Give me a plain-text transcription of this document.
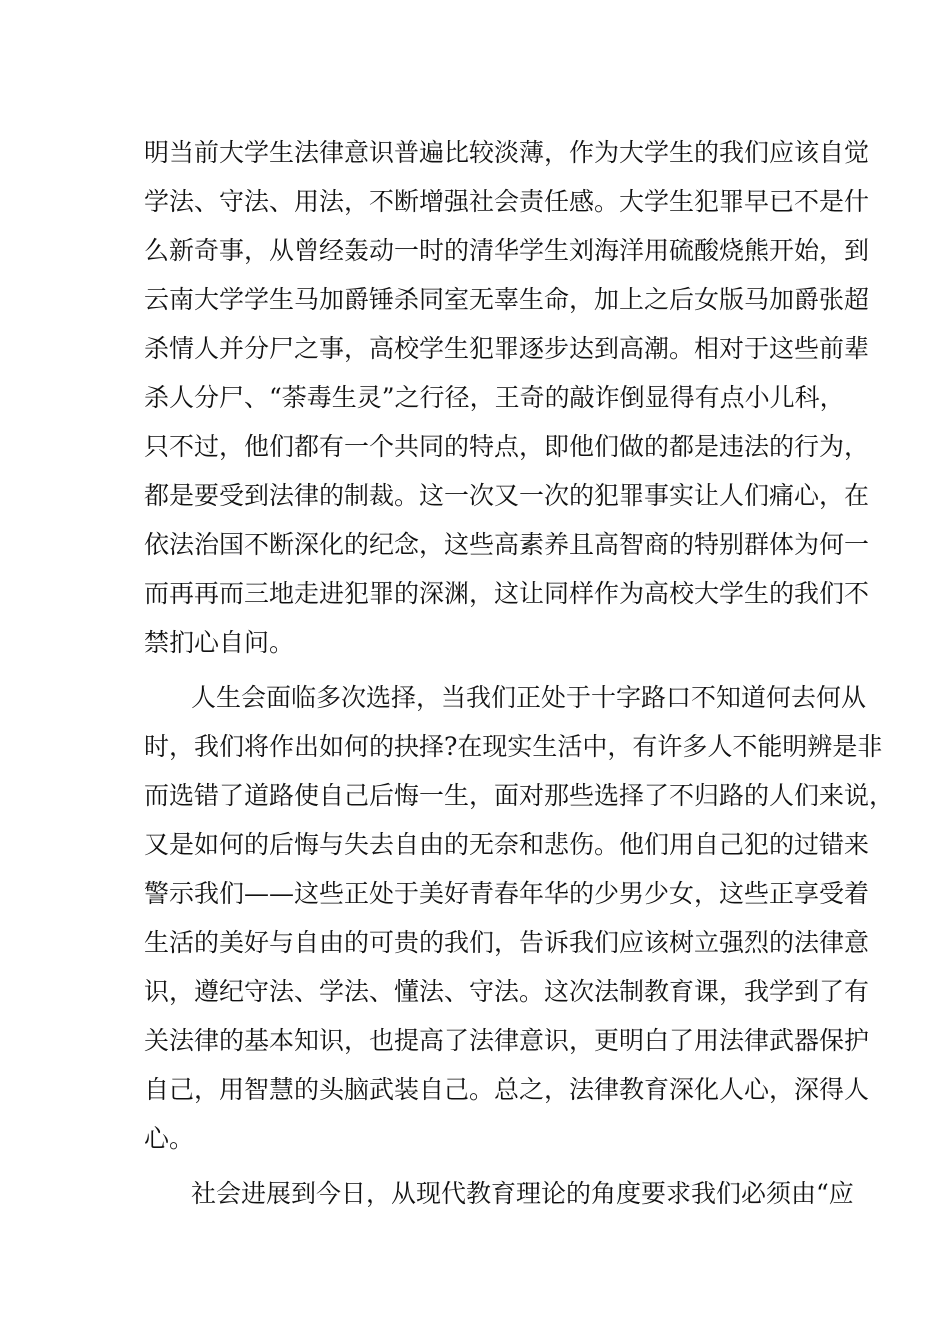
明当前大学生法律意识普遍比较淡薄，作为大学生的我们应该自觉
学法、守法、用法，不断增强社会责任感。大学生犯罪早已不是什
么新奇事，从曾经轰动一时的清华学生刘海洋用硫酸烧熊开始，到
云南大学学生马加爵锤杀同室无辜生命，加上之后女版马加爵张超
杀情人并分尸之事，高校学生犯罪逐步达到高潮。相对于这些前辈
杀人分尸、“荼毒生灵”之行径，王奇的敲诈倒显得有点小儿科，
只不过，他们都有一个共同的特点，即他们做的都是违法的行为，
都是要受到法律的制裁。这一次又一次的犯罪事实让人们痛心，在
依法治国不断深化的纪念，这些高素养且高智商的特别群体为何一
而再再而三地走进犯罪的深渊，这让同样作为高校大学生的我们不
禁扪心自问。
人生会面临多次选择，当我们正处于十字路口不知道何去何从
时，我们将作出如何的抉择?在现实生活中，有许多人不能明辨是非
而选错了道路使自己后悔一生，面对那些选择了不归路的人们来说，
又是如何的后悔与失去自由的无奈和悲伤。他们用自己犯的过错来
警示我们——这些正处于美好青春年华的少男少女，这些正享受着
生活的美好与自由的可贵的我们，告诉我们应该树立强烈的法律意
识，遵纪守法、学法、懂法、守法。这次法制教育课，我学到了有
关法律的基本知识，也提高了法律意识，更明白了用法律武器保护
自己，用智慧的头脑武装自己。总之，法律教育深化人心，深得人
心。
社会进展到今日，从现代教育理论的角度要求我们必须由“应
